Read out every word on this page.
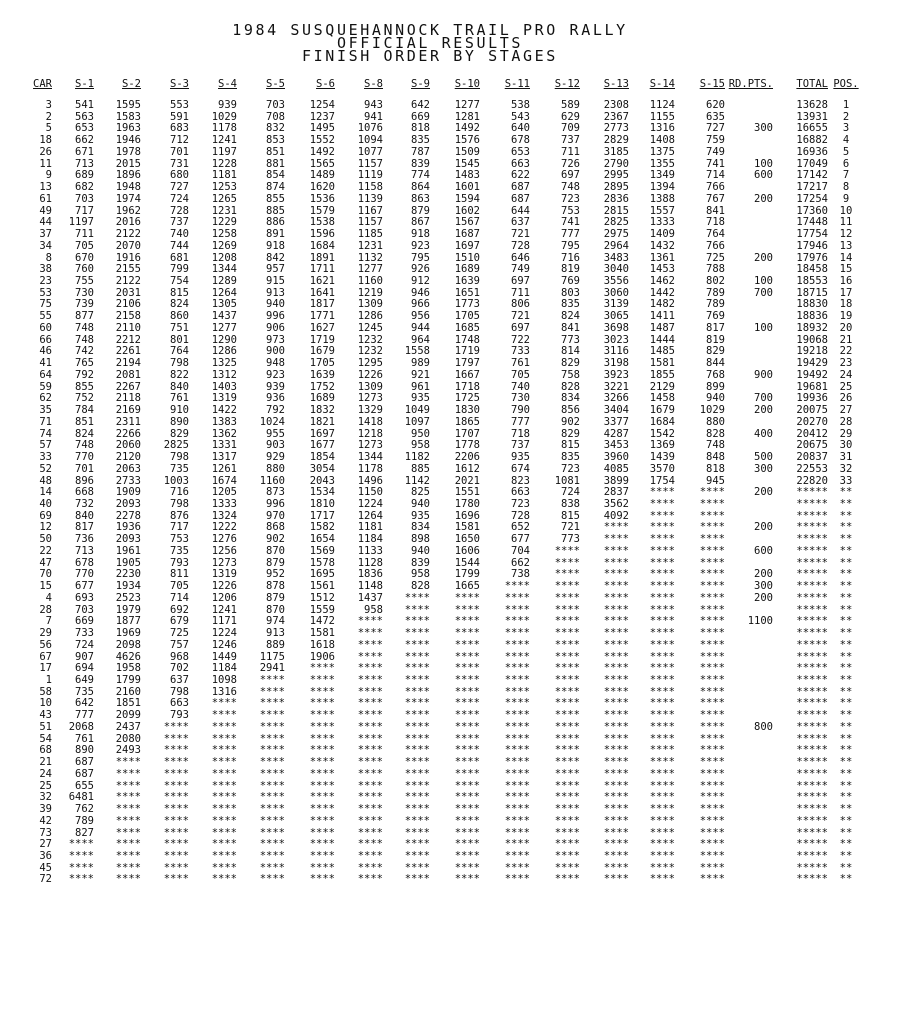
1984 SUSQUEHANNOCK TRAIL PRO RALLY
OFFICIAL RESULTS
FINISH ORDER BY STAGES
CAR	S-1	S-2	S-3	S-4	S-5	S-6	S-8	S-9	S-10	S-11	S-12	S-13	S-14	S-15	RD.PTS.	TOTAL	POS.
3	541	1595	553	939	703	1254	943	642	1277	538	589	2308	1124	620		13628	1
2	563	1583	591	1029	708	1237	941	669	1281	543	629	2367	1155	635		13931	2
5	653	1963	683	1178	832	1495	1076	818	1492	640	709	2773	1316	727	300	16655	3
18	662	1946	712	1241	853	1552	1094	835	1576	678	737	2829	1408	759		16882	4
26	671	1978	701	1197	851	1492	1077	787	1509	653	711	3185	1375	749		16936	5
11	713	2015	731	1228	881	1565	1157	839	1545	663	726	2790	1355	741	100	17049	6
9	689	1896	680	1181	854	1489	1119	774	1483	622	697	2995	1349	714	600	17142	7
13	682	1948	727	1253	874	1620	1158	864	1601	687	748	2895	1394	766		17217	8
61	703	1974	724	1265	855	1536	1139	863	1594	687	723	2836	1388	767	200	17254	9
49	717	1962	728	1231	885	1579	1167	879	1602	644	753	2815	1557	841		17360	10
44	1197	2016	737	1229	886	1538	1157	867	1567	637	741	2825	1333	718		17448	11
37	711	2122	740	1258	891	1596	1185	918	1687	721	777	2975	1409	764		17754	12
34	705	2070	744	1269	918	1684	1231	923	1697	728	795	2964	1432	766		17946	13
8	670	1916	681	1208	842	1891	1132	795	1510	646	716	3483	1361	725	200	17976	14
38	760	2155	799	1344	957	1711	1277	926	1689	749	819	3040	1453	788		18458	15
23	755	2122	754	1289	915	1621	1160	912	1639	697	769	3556	1462	802	100	18553	16
53	730	2031	815	1264	913	1641	1219	946	1651	711	803	3060	1442	789	700	18715	17
75	739	2106	824	1305	940	1817	1309	966	1773	806	835	3139	1482	789		18830	18
55	877	2158	860	1437	996	1771	1286	956	1705	721	824	3065	1411	769		18836	19
60	748	2110	751	1277	906	1627	1245	944	1685	697	841	3698	1487	817	100	18932	20
66	748	2212	801	1290	973	1719	1232	964	1748	722	773	3023	1444	819		19068	21
46	742	2261	764	1286	900	1679	1232	1558	1719	733	814	3116	1485	829		19218	22
41	765	2194	798	1325	948	1705	1295	989	1797	761	829	3198	1581	844		19429	23
64	792	2081	822	1312	923	1639	1226	921	1667	705	758	3923	1855	768	900	19492	24
59	855	2267	840	1403	939	1752	1309	961	1718	740	828	3221	2129	899		19681	25
62	752	2118	761	1319	936	1689	1273	935	1725	730	834	3266	1458	940	700	19936	26
35	784	2169	910	1422	792	1832	1329	1049	1830	790	856	3404	1679	1029	200	20075	27
71	851	2311	890	1383	1024	1821	1418	1097	1865	777	902	3377	1684	880		20270	28
74	824	2266	829	1362	955	1697	1218	950	1707	718	829	4287	1542	828	400	20412	29
57	748	2060	2825	1331	903	1677	1273	958	1778	737	815	3453	1369	748		20675	30
33	770	2120	798	1317	929	1854	1344	1182	2206	935	835	3960	1439	848	500	20837	31
52	701	2063	735	1261	880	3054	1178	885	1612	674	723	4085	3570	818	300	22553	32
48	896	2733	1003	1674	1160	2043	1496	1142	2021	823	1081	3899	1754	945		22820	33
14	668	1909	716	1205	873	1534	1150	825	1551	663	724	2837	****	****	200	*****	**
40	732	2093	798	1333	996	1810	1224	940	1780	723	838	3562	****	****		*****	**
69	840	2278	876	1324	970	1717	1264	935	1696	728	815	4092	****	****		*****	**
12	817	1936	717	1222	868	1582	1181	834	1581	652	721	****	****	****	200	*****	**
50	736	2093	753	1276	902	1654	1184	898	1650	677	773	****	****	****		*****	**
22	713	1961	735	1256	870	1569	1133	940	1606	704	****	****	****	****	600	*****	**
47	678	1905	793	1273	879	1578	1128	839	1544	662	****	****	****	****		*****	**
70	770	2230	811	1319	952	1695	1836	958	1799	738	****	****	****	****	200	*****	**
15	677	1934	705	1226	878	1561	1148	828	1665	****	****	****	****	****	300	*****	**
4	693	2523	714	1206	879	1512	1437	****	****	****	****	****	****	****	200	*****	**
28	703	1979	692	1241	870	1559	958	****	****	****	****	****	****	****		*****	**
7	669	1877	679	1171	974	1472	****	****	****	****	****	****	****	****	1100	*****	**
29	733	1969	725	1224	913	1581	****	****	****	****	****	****	****	****		*****	**
56	724	2098	757	1246	889	1618	****	****	****	****	****	****	****	****		*****	**
67	907	4626	968	1449	1175	1906	****	****	****	****	****	****	****	****		*****	**
17	694	1958	702	1184	2941	****	****	****	****	****	****	****	****	****		*****	**
1	649	1799	637	1098	****	****	****	****	****	****	****	****	****	****		*****	**
58	735	2160	798	1316	****	****	****	****	****	****	****	****	****	****		*****	**
10	642	1851	663	****	****	****	****	****	****	****	****	****	****	****		*****	**
43	777	2099	793	****	****	****	****	****	****	****	****	****	****	****		*****	**
51	2068	2437	****	****	****	****	****	****	****	****	****	****	****	****	800	*****	**
54	761	2080	****	****	****	****	****	****	****	****	****	****	****	****		*****	**
68	890	2493	****	****	****	****	****	****	****	****	****	****	****	****		*****	**
21	687	****	****	****	****	****	****	****	****	****	****	****	****	****		*****	**
24	687	****	****	****	****	****	****	****	****	****	****	****	****	****		*****	**
25	655	****	****	****	****	****	****	****	****	****	****	****	****	****		*****	**
32	6481	****	****	****	****	****	****	****	****	****	****	****	****	****		*****	**
39	762	****	****	****	****	****	****	****	****	****	****	****	****	****		*****	**
42	789	****	****	****	****	****	****	****	****	****	****	****	****	****		*****	**
73	827	****	****	****	****	****	****	****	****	****	****	****	****	****		*****	**
27	****	****	****	****	****	****	****	****	****	****	****	****	****	****		*****	**
36	****	****	****	****	****	****	****	****	****	****	****	****	****	****		*****	**
45	****	****	****	****	****	****	****	****	****	****	****	****	****	****		*****	**
72	****	****	****	****	****	****	****	****	****	****	****	****	****	****		*****	**
